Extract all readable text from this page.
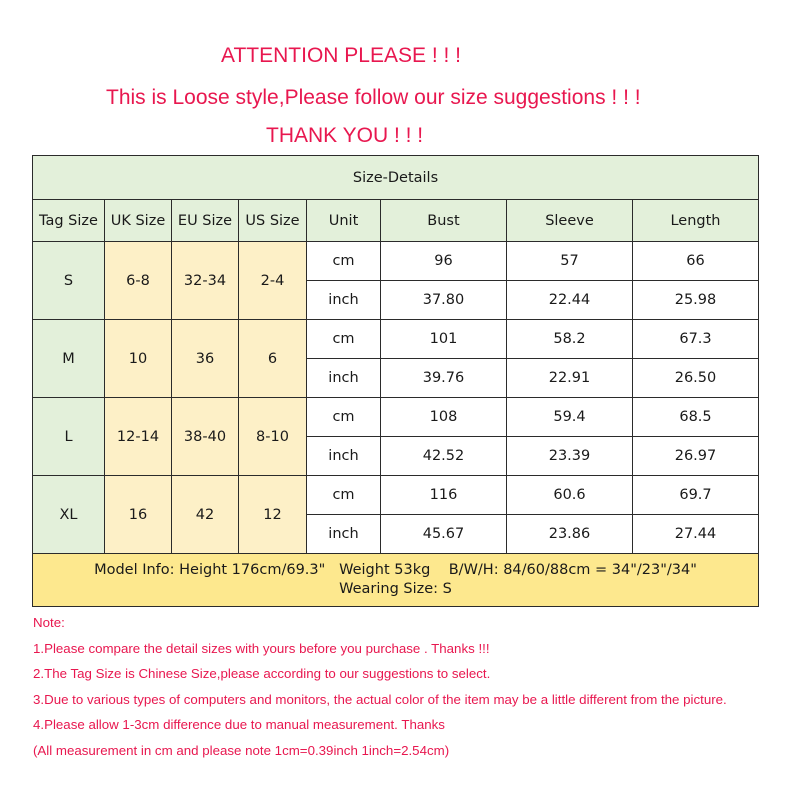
ATTENTION PLEASE ! ! !
This is Loose style,Please follow our size suggestions ! ! !
THANK YOU ! ! !
Size-Details							
Tag Size	UK Size	EU Size	US Size	Unit	Bust	Sleeve	Length
S	6-8	32-34	2-4	cm	96	57	66
				inch	37.80	22.44	25.98
M	10	36	6	cm	101	58.2	67.3
				inch	39.76	22.91	26.50
L	12-14	38-40	8-10	cm	108	59.4	68.5
				inch	42.52	23.39	26.97
XL	16	42	12	cm	116	60.6	69.7
				inch	45.67	23.86	27.44
Model Info: Height 176cm/69.3"   Weight 53kg    B/W/H: 84/60/88cm = 34"/23"/34"
Wearing Size: S							
Note:
1.Please compare the detail sizes with yours before you purchase . Thanks !!!
2.The Tag Size is Chinese Size,please according to our suggestions to select.
3.Due to various types of computers and monitors, the actual color of the item may be a little different from the picture.
4.Please allow 1-3cm difference due to manual measurement. Thanks
(All measurement in cm and please note 1cm=0.39inch 1inch=2.54cm)
